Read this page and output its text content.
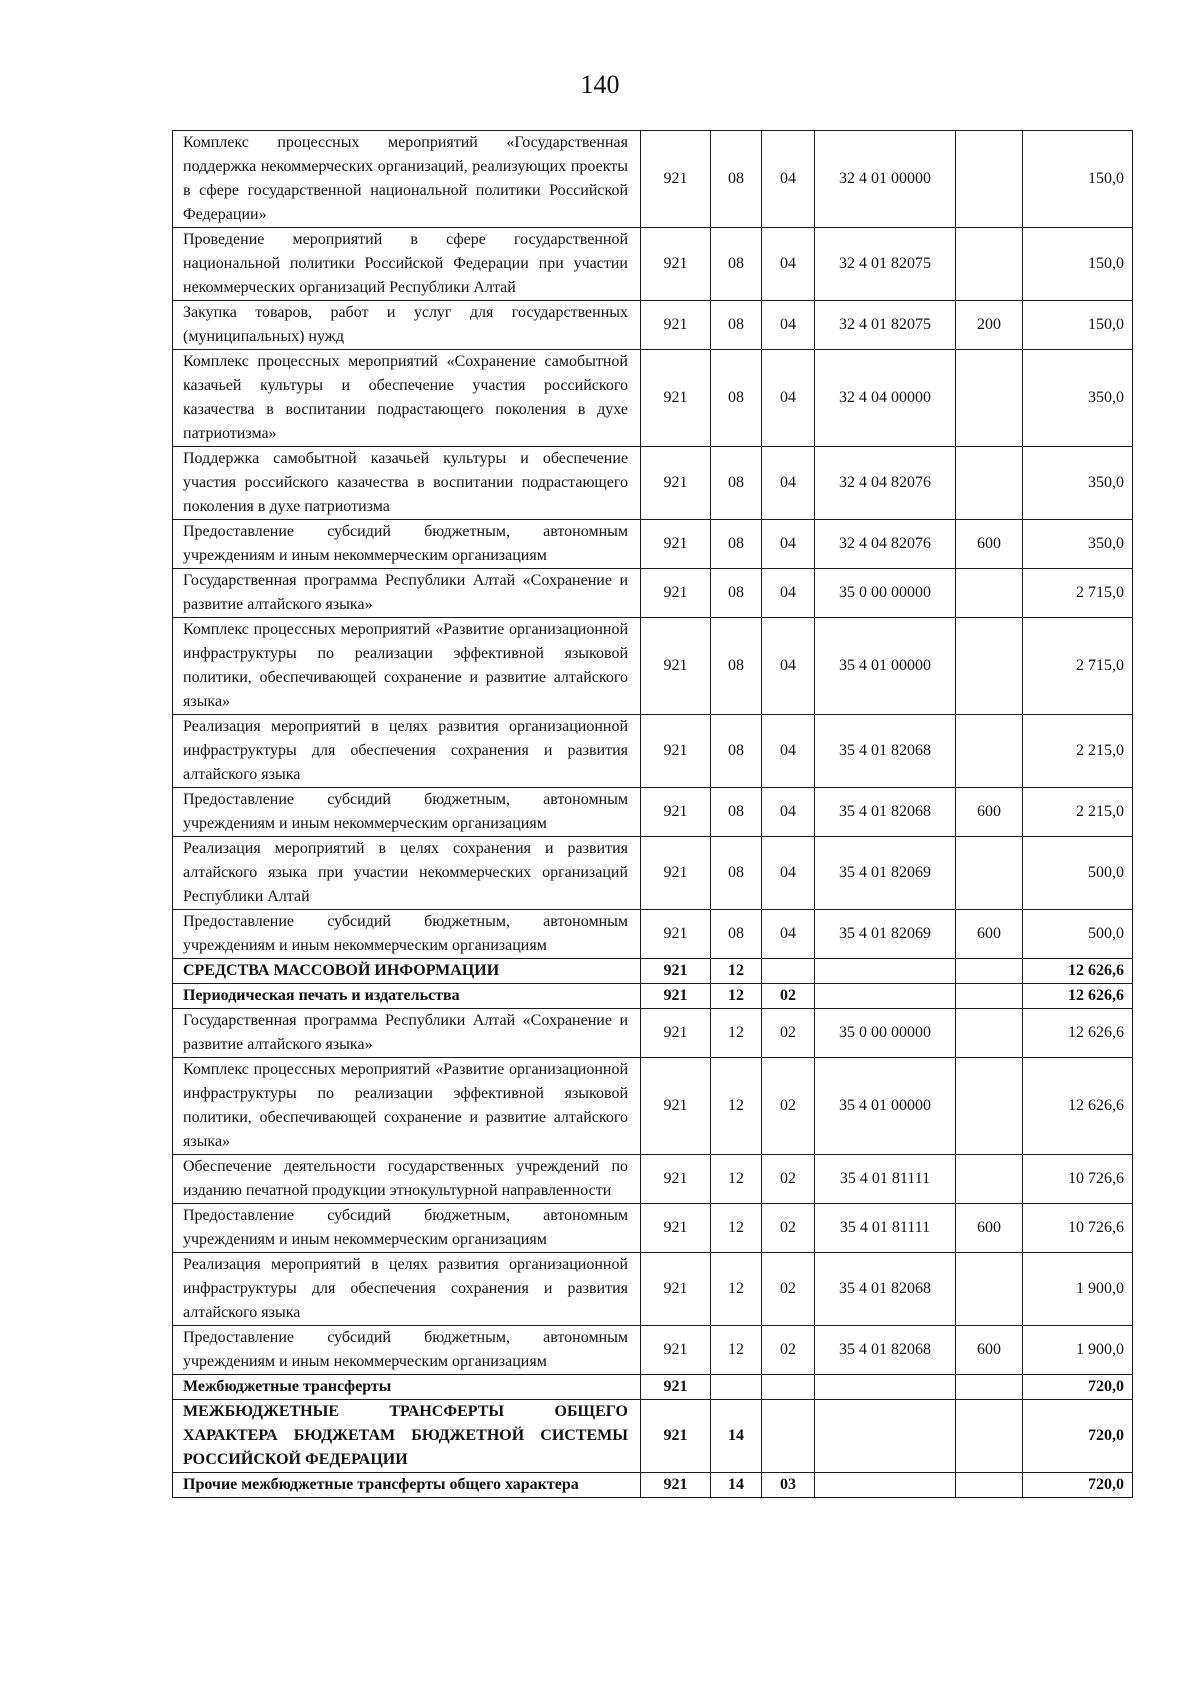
140
Комплекс процессных мероприятий «Государственная поддержка некоммерческих организаций, реализующих проекты в сфере государственной национальной политики Российской Федерации»	921	08	04	32 4 01 00000		150,0
Проведение мероприятий в сфере государственной национальной политики Российской Федерации при участии некоммерческих организаций Республики Алтай	921	08	04	32 4 01 82075		150,0
Закупка товаров, работ и услуг для государственных (муниципальных) нужд	921	08	04	32 4 01 82075	200	150,0
Комплекс процессных мероприятий «Сохранение самобытной казачьей культуры и обеспечение участия российского казачества в воспитании подрастающего поколения в духе патриотизма»	921	08	04	32 4 04 00000		350,0
Поддержка самобытной казачьей культуры и обеспечение участия российского казачества в воспитании подрастающего поколения в духе патриотизма	921	08	04	32 4 04 82076		350,0
Предоставление субсидий бюджетным, автономным учреждениям и иным некоммерческим организациям	921	08	04	32 4 04 82076	600	350,0
Государственная программа Республики Алтай «Сохранение и развитие алтайского языка»	921	08	04	35 0 00 00000		2 715,0
Комплекс процессных мероприятий «Развитие организационной инфраструктуры по реализации эффективной языковой политики, обеспечивающей сохранение и развитие алтайского языка»	921	08	04	35 4 01 00000		2 715,0
Реализация мероприятий в целях развития организационной инфраструктуры для обеспечения сохранения и развития алтайского языка	921	08	04	35 4 01 82068		2 215,0
Предоставление субсидий бюджетным, автономным учреждениям и иным некоммерческим организациям	921	08	04	35 4 01 82068	600	2 215,0
Реализация мероприятий в целях сохранения и развития алтайского языка при участии некоммерческих организаций Республики Алтай	921	08	04	35 4 01 82069		500,0
Предоставление субсидий бюджетным, автономным учреждениям и иным некоммерческим организациям	921	08	04	35 4 01 82069	600	500,0
СРЕДСТВА МАССОВОЙ ИНФОРМАЦИИ	921	12				12 626,6
Периодическая печать и издательства	921	12	02			12 626,6
Государственная программа Республики Алтай «Сохранение и развитие алтайского языка»	921	12	02	35 0 00 00000		12 626,6
Комплекс процессных мероприятий «Развитие организационной инфраструктуры по реализации эффективной языковой политики, обеспечивающей сохранение и развитие алтайского языка»	921	12	02	35 4 01 00000		12 626,6
Обеспечение деятельности государственных учреждений по изданию печатной продукции этнокультурной направленности	921	12	02	35 4 01 81111		10 726,6
Предоставление субсидий бюджетным, автономным учреждениям и иным некоммерческим организациям	921	12	02	35 4 01 81111	600	10 726,6
Реализация мероприятий в целях развития организационной инфраструктуры для обеспечения сохранения и развития алтайского языка	921	12	02	35 4 01 82068		1 900,0
Предоставление субсидий бюджетным, автономным учреждениям и иным некоммерческим организациям	921	12	02	35 4 01 82068	600	1 900,0
Межбюджетные трансферты	921					720,0
МЕЖБЮДЖЕТНЫЕ ТРАНСФЕРТЫ ОБЩЕГО ХАРАКТЕРА БЮДЖЕТАМ БЮДЖЕТНОЙ СИСТЕМЫ РОССИЙСКОЙ ФЕДЕРАЦИИ	921	14				720,0
Прочие межбюджетные трансферты общего характера	921	14	03			720,0
